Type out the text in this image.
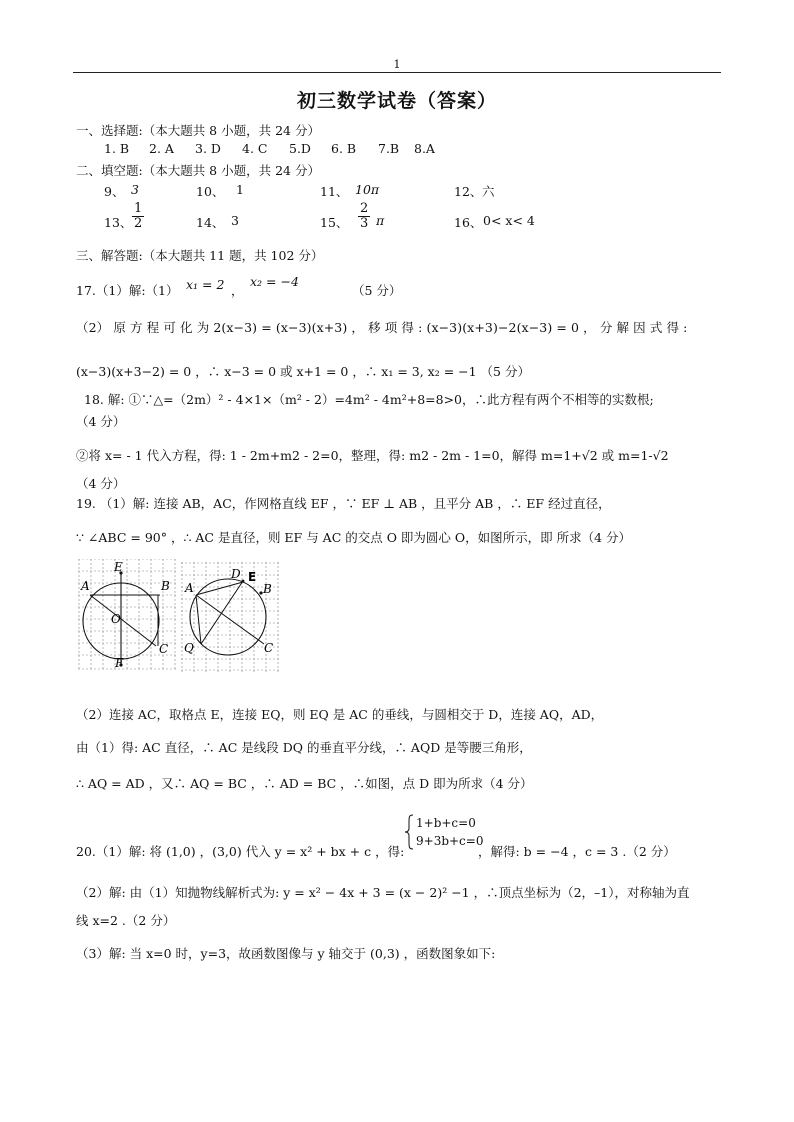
1
初三数学试卷（答案）
一、选择题:（本大题共 8 小题，共 24 分）
1. B 2. A 3. D 4. C 5.D 6. B 7.B 8.A
二、填空题:（本大题共 8 小题，共 24 分）
9、 3	10、 1	11、 10π	12、 六
13、 $\frac{1}{2}$	14、 3	15、 $\frac{2}{3}$ π	16、 0< x< 4
三、解答题:（本大题共 11 题，共 102 分）
17.（1）解:（1） x₁ = 2 ，
x₂ = −4
（5 分）
（2） 原 方 程 可 化 为 2(x−3) = (x−3)(x+3) ， 移 项 得 : (x−3)(x+3)−2(x−3) = 0 ， 分 解 因 式 得 :
(x−3)(x+3−2) = 0 ，∴ x−3 = 0 或 x+1 = 0 ，∴ x₁ = 3, x₂ = −1 （5 分）
18. 解: ①∵△=（2m）² - 4×1×（m² - 2）=4m² - 4m²+8=8>0，∴此方程有两个不相等的实数根;
（4 分）
②将 x= - 1 代入方程，得: 1 - 2m+m2 - 2=0，整理，得: m2 - 2m - 1=0，解得 m=1+√2 或 m=1-√2
（4 分）
19. （1）解: 连接 AB，AC，作网格直线 EF ，∵ EF ⊥ AB ，且平分 AB ，∴ EF 经过直径，
∵ ∠ABC = 90° ，∴ AC 是直径，则 EF 与 AC 的交点 O 即为圆心 O，如图所示，即 所求（4 分）
E
A	B
O
F
C
D E
A	B
Q	C
（2）连接 AC，取格点 E，连接 EQ，则 EQ 是 AC 的垂线，与圆相交于 D，连接 AQ，AD，
由（1）得: AC 直径，∴ AC 是线段 DQ 的垂直平分线，∴ AQD 是等腰三角形，
∴ AQ = AD ，又∴ AQ = BC ，∴ AD = BC ，∴如图，点 D 即为所求（4 分）
1+b+c=0
9+3b+c=0
20.（1）解: 将 (1,0) ，(3,0) 代入 y = x² + bx + c ，得:	，解得: b = −4 ，c = 3 .（2 分）
（2）解: 由（1）知抛物线解析式为: y = x² − 4x + 3 = (x − 2)² −1 ，∴顶点坐标为（2，–1），对称轴为直
线 x=2 .（2 分）
（3）解: 当 x=0 时，y=3，故函数图像与 y 轴交于 (0,3) ，函数图象如下:
